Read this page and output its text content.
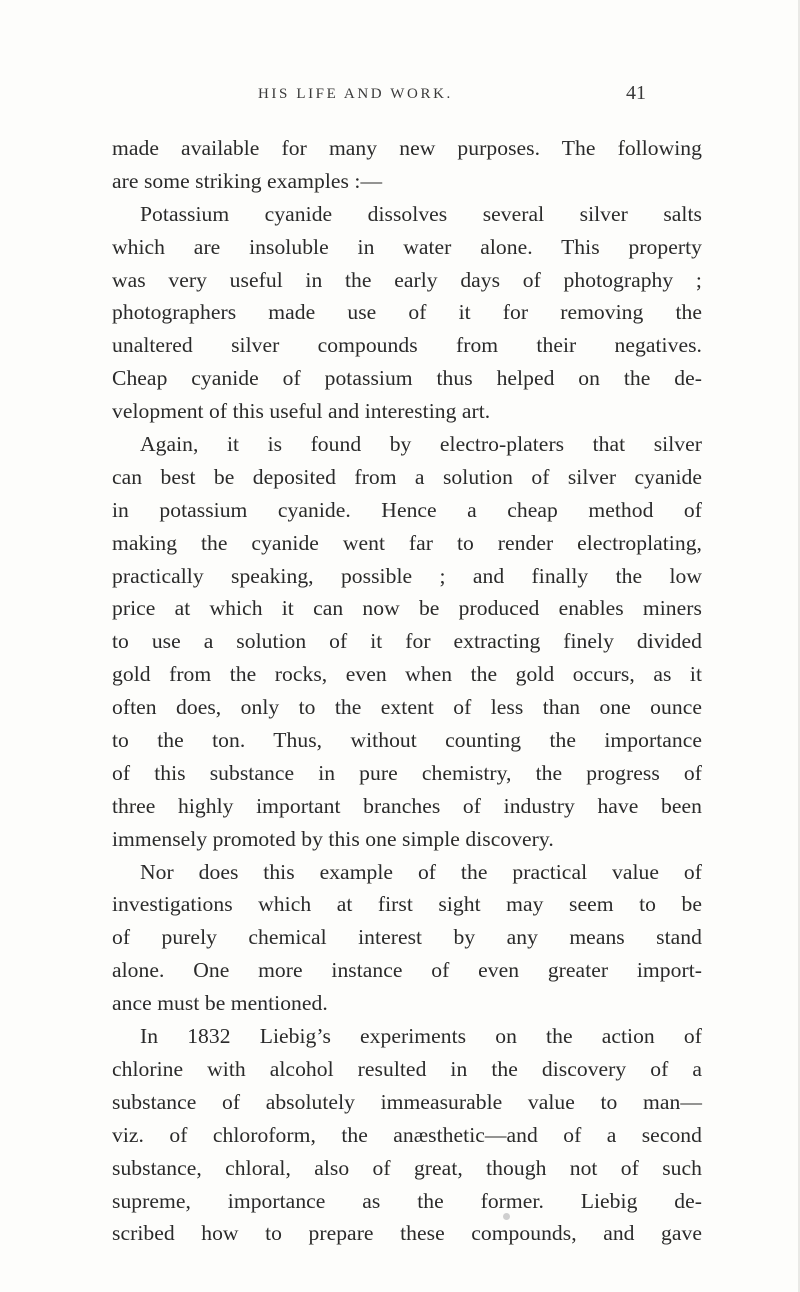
HIS LIFE AND WORK.	41
made available for many new purposes. The following
are some striking examples :—
Potassium cyanide dissolves several silver salts
which are insoluble in water alone. This property
was very useful in the early days of photography ;
photographers made use of it for removing the
unaltered silver compounds from their negatives.
Cheap cyanide of potassium thus helped on the de-
velopment of this useful and interesting art.
Again, it is found by electro-platers that silver
can best be deposited from a solution of silver cyanide
in potassium cyanide. Hence a cheap method of
making the cyanide went far to render electroplating,
practically speaking, possible ; and finally the low
price at which it can now be produced enables miners
to use a solution of it for extracting finely divided
gold from the rocks, even when the gold occurs, as it
often does, only to the extent of less than one ounce
to the ton. Thus, without counting the importance
of this substance in pure chemistry, the progress of
three highly important branches of industry have been
immensely promoted by this one simple discovery.
Nor does this example of the practical value of
investigations which at first sight may seem to be
of purely chemical interest by any means stand
alone. One more instance of even greater import-
ance must be mentioned.
In 1832 Liebig’s experiments on the action of
chlorine with alcohol resulted in the discovery of a
substance of absolutely immeasurable value to man—
viz. of chloroform, the anæsthetic—and of a second
substance, chloral, also of great, though not of such
supreme, importance as the former. Liebig de-
scribed how to prepare these compounds, and gave
